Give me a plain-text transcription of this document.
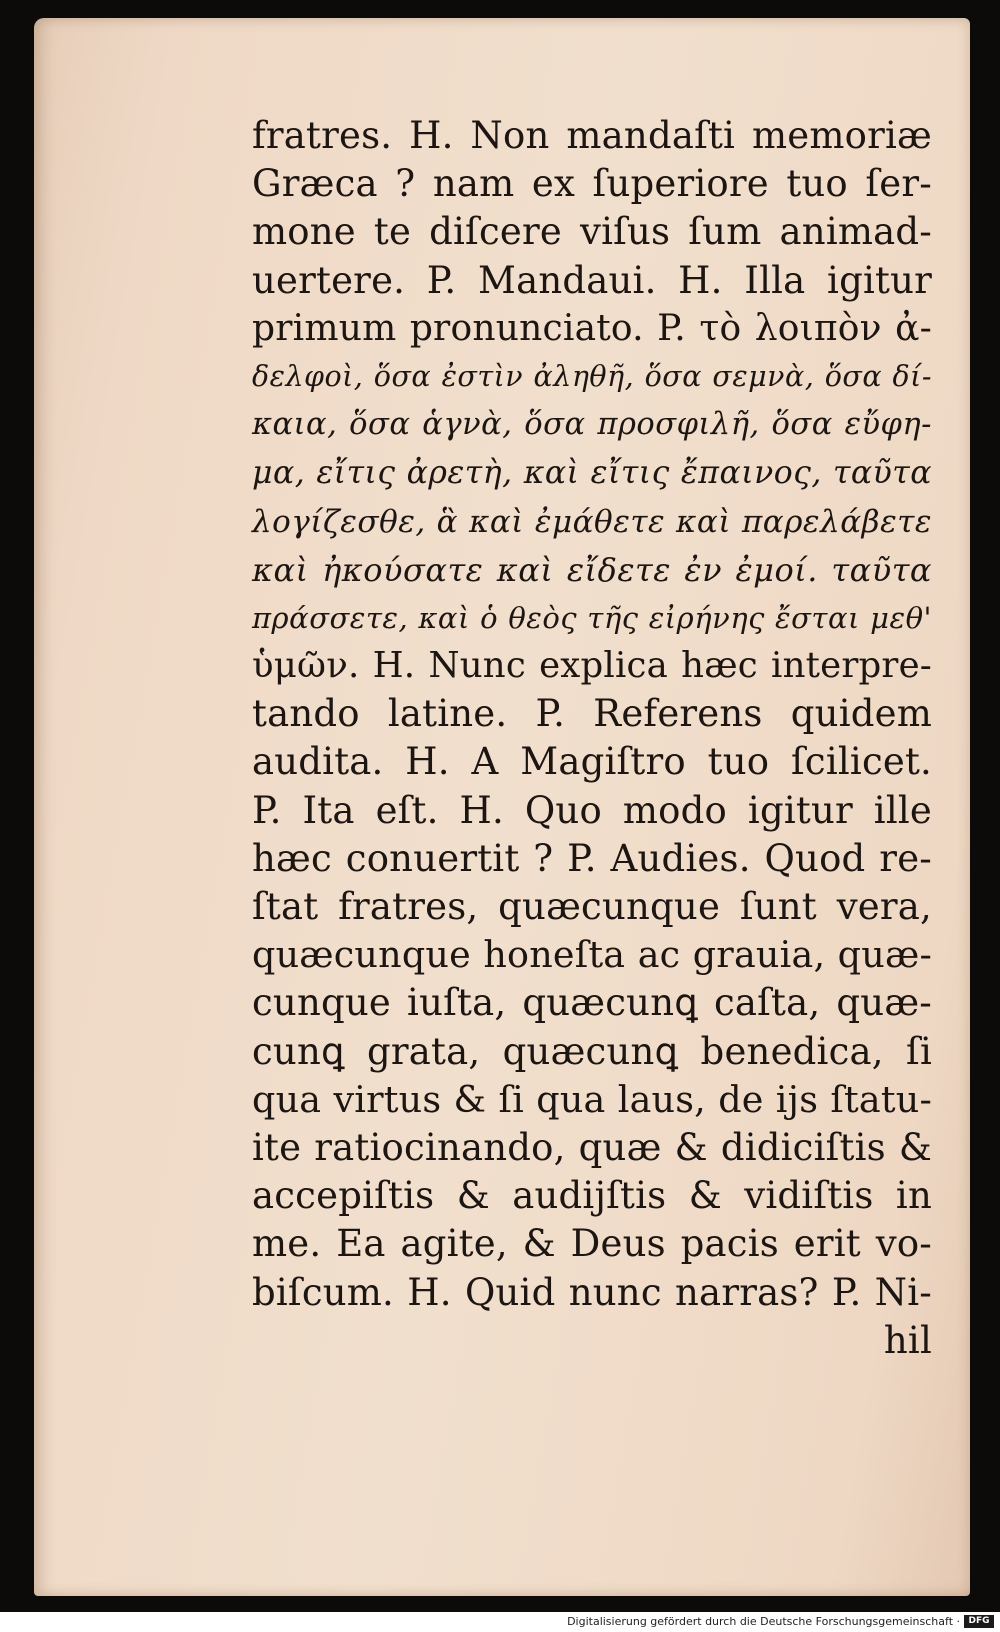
fratres. H. Non mandaſti memoriæ
Græca ? nam ex ſuperiore tuo ſer-
mone te diſcere viſus ſum animad-
uertere. P. Mandaui. H. Illa igitur
primum pronunciato. P. τὸ λοιπὸν ἀ-
δελφοὶ, ὅσα ἐστὶν ἀληθῆ, ὅσα σεμνὰ, ὅσα δί-
καια, ὅσα ἁγνὰ, ὅσα προσφιλῆ, ὅσα εὔφη-
μα, εἴτις ἀρετὴ, καὶ εἴτις ἔπαινος, ταῦτα
λογίζεσθε, ἃ καὶ ἐμάθετε καὶ παρελάβετε
καὶ ἠκούσατε καὶ εἴδετε ἐν ἐμοί. ταῦτα
πράσσετε, καὶ ὁ θεὸς τῆς εἰρήνης ἔσται μεθ'
ὑμῶν. H. Nunc explica hæc interpre-
tando latine. P. Referens quidem
audita. H. A Magiſtro tuo ſcilicet.
P. Ita eſt. H. Quo modo igitur ille
hæc conuertit ? P. Audies. Quod re-
ſtat fratres, quæcunque ſunt vera,
quæcunque honeſta ac grauia, quæ-
cunque iuſta, quæcunꝗ caſta, quæ-
cunꝗ grata, quæcunꝗ benedica, ſi
qua virtus & ſi qua laus, de ijs ſtatu-
ite ratiocinando, quæ & didiciſtis &
accepiſtis & audijſtis & vidiſtis in
me. Ea agite, & Deus pacis erit vo-
biſcum. H. Quid nunc narras? P. Ni-
hil
Digitalisierung gefördert durch die Deutsche Forschungsgemeinschaft · DFG
